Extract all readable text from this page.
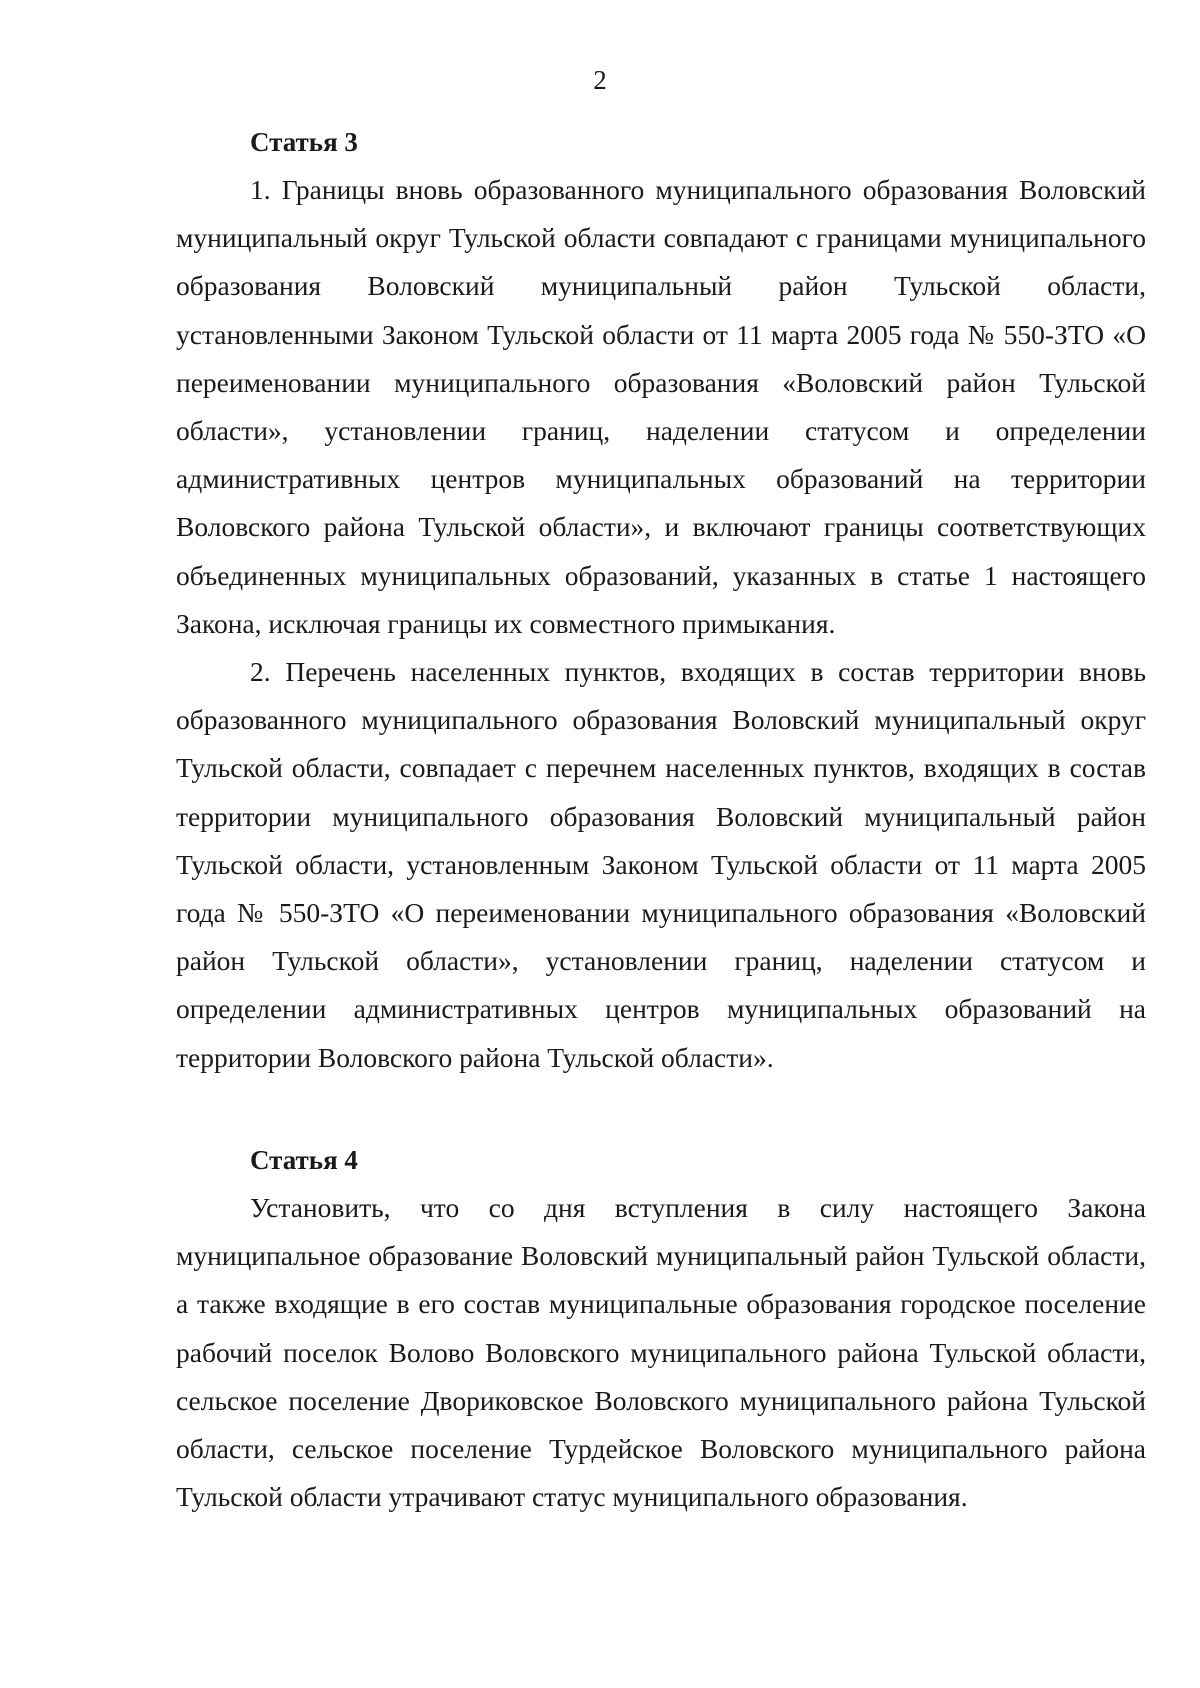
2
Статья 3

1. Границы вновь образованного муниципального образования Воловский муниципальный округ Тульской области совпадают с границами муниципального образования Воловский муниципальный район Тульской области, установленными Законом Тульской области от 11 марта 2005 года № 550-ЗТО «О переименовании муниципального образования «Воловский район Тульской области», установлении границ, наделении статусом и определении административных центров муниципальных образований на территории Воловского района Тульской области», и включают границы соответствующих объединенных муниципальных образований, указанных в статье 1 настоящего Закона, исключая границы их совместного примыкания.

2. Перечень населенных пунктов, входящих в состав территории вновь образованного муниципального образования Воловский муниципальный округ Тульской области, совпадает с перечнем населенных пунктов, входящих в состав территории муниципального образования Воловский муниципальный район Тульской области, установленным Законом Тульской области от 11 марта 2005 года № 550-ЗТО «О переименовании муниципального образования «Воловский район Тульской области», установлении границ, наделении статусом и определении административных центров муниципальных образований на территории Воловского района Тульской области».

Статья 4

Установить, что со дня вступления в силу настоящего Закона муниципальное образование Воловский муниципальный район Тульской области, а также входящие в его состав муниципальные образования городское поселение рабочий поселок Волово Воловского муниципального района Тульской области, сельское поселение Двориковское Воловского муниципального района Тульской области, сельское поселение Турдейское Воловского муниципального района Тульской области утрачивают статус муниципального образования.
